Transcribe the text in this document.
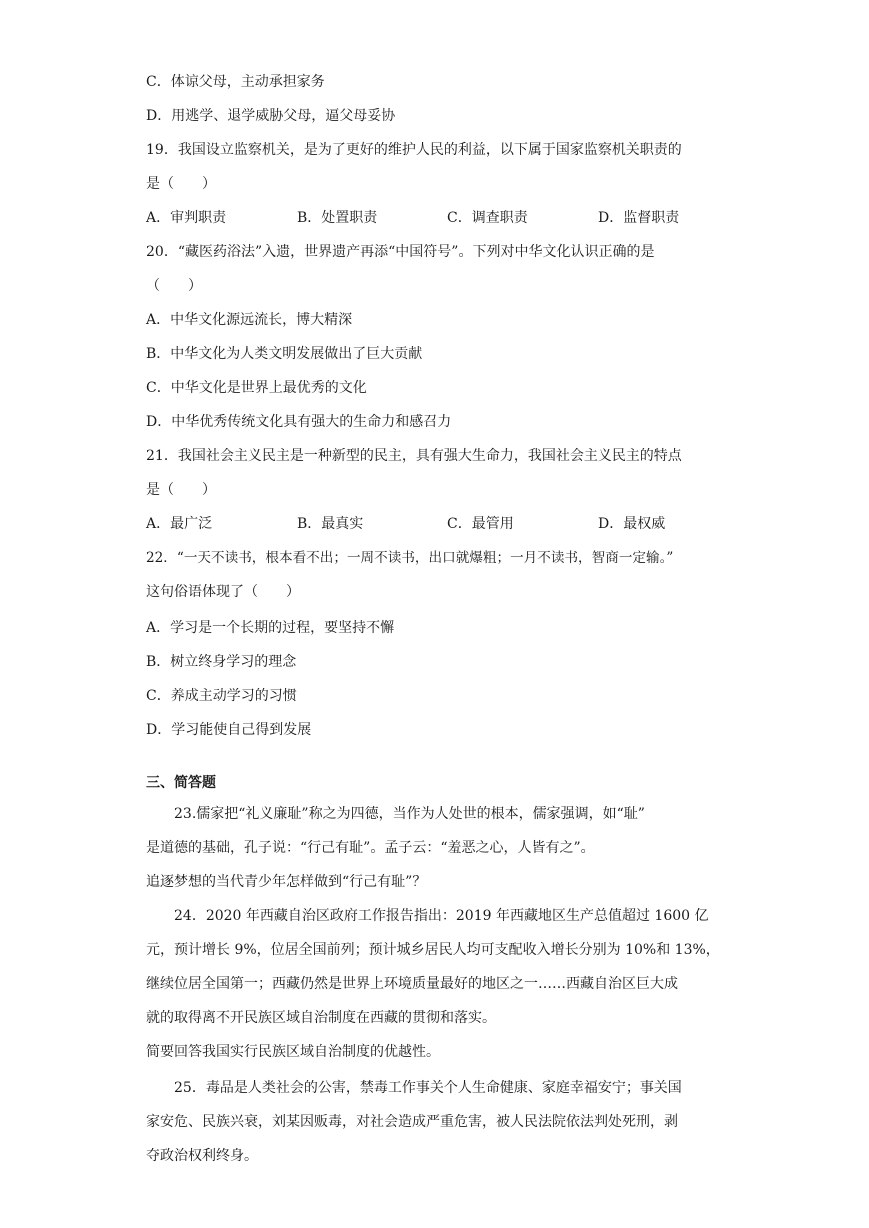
C．体谅父母，主动承担家务
D．用逃学、退学威胁父母，逼父母妥协
19．我国设立监察机关，是为了更好的维护人民的利益，以下属于国家监察机关职责的
是（　　）
A．审判职责	B．处置职责	C．调查职责	D．监督职责
20．“藏医药浴法”入遗，世界遗产再添“中国符号”。下列对中华文化认识正确的是
（　　）
A．中华文化源远流长，博大精深
B．中华文化为人类文明发展做出了巨大贡献
C．中华文化是世界上最优秀的文化
D．中华优秀传统文化具有强大的生命力和感召力
21．我国社会主义民主是一种新型的民主，具有强大生命力，我国社会主义民主的特点
是（　　）
A．最广泛	B．最真实	C．最管用	D．最权威
22．“一天不读书，根本看不出；一周不读书，出口就爆粗；一月不读书，智商一定输。”
这句俗语体现了（　　）
A．学习是一个长期的过程，要坚持不懈
B．树立终身学习的理念
C．养成主动学习的习惯
D．学习能使自己得到发展
三、简答题
23.儒家把“礼义廉耻”称之为四德，当作为人处世的根本，儒家强调，如“耻”
是道德的基础，孔子说：“行己有耻”。孟子云：“羞恶之心，人皆有之”。
追逐梦想的当代青少年怎样做到“行己有耻”？
24．2020 年西藏自治区政府工作报告指出：2019 年西藏地区生产总值超过 1600 亿
元，预计增长 9%，位居全国前列；预计城乡居民人均可支配收入增长分别为 10%和 13%，
继续位居全国第一；西藏仍然是世界上环境质量最好的地区之一……西藏自治区巨大成
就的取得离不开民族区域自治制度在西藏的贯彻和落实。
简要回答我国实行民族区域自治制度的优越性。
25．毒品是人类社会的公害，禁毒工作事关个人生命健康、家庭幸福安宁；事关国
家安危、民族兴衰，刘某因贩毒，对社会造成严重危害，被人民法院依法判处死刑，剥
夺政治权利终身。
